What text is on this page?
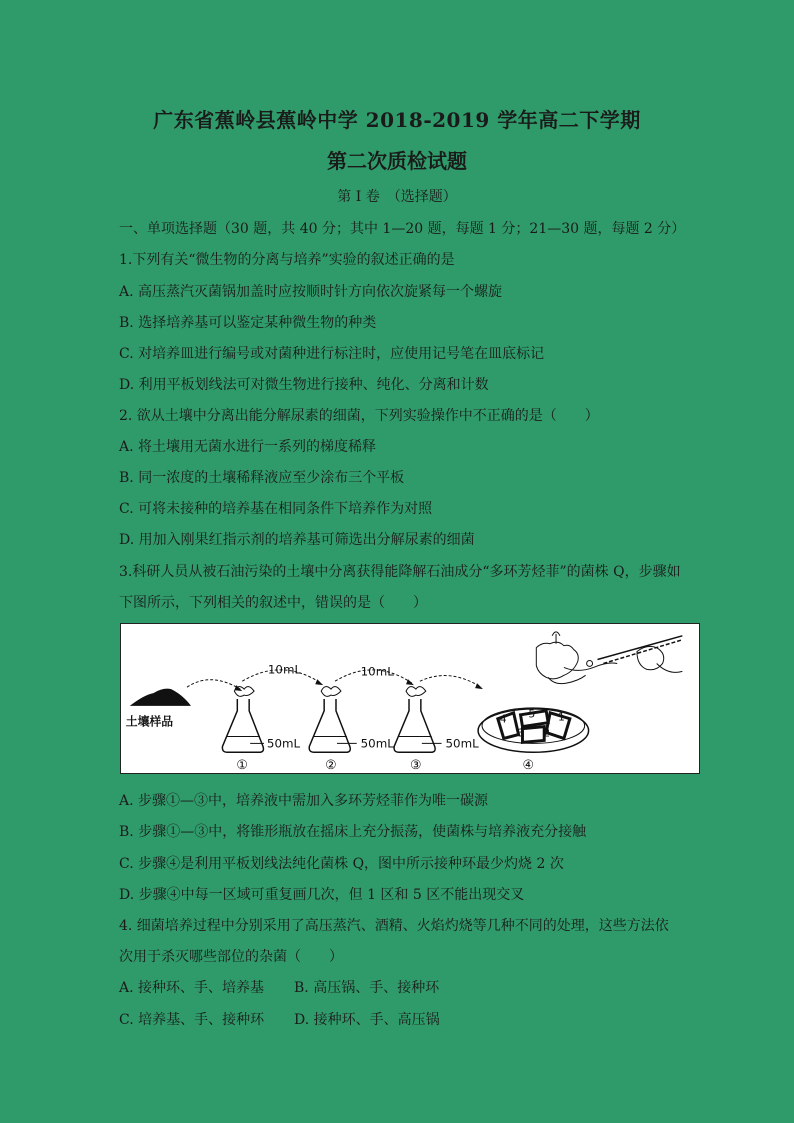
广东省蕉岭县蕉岭中学 2018-2019 学年高二下学期
第二次质检试题
第 I 卷　（选择题）
一、单项选择题（30 题，共 40 分；其中 1—20 题，每题 1 分；21—30 题，每题 2 分）
1.下列有关“微生物的分离与培养”实验的叙述正确的是
A. 高压蒸汽灭菌锅加盖时应按顺时针方向依次旋紧每一个螺旋
B. 选择培养基可以鉴定某种微生物的种类
C. 对培养皿进行编号或对菌种进行标注时，应使用记号笔在皿底标记
D. 利用平板划线法可对微生物进行接种、纯化、分离和计数
2. 欲从土壤中分离出能分解尿素的细菌，下列实验操作中不正确的是（　　）
A. 将土壤用无菌水进行一系列的梯度稀释
B. 同一浓度的土壤稀释液应至少涂布三个平板
C. 可将未接种的培养基在相同条件下培养作为对照
D. 用加入刚果红指示剂的培养基可筛选出分解尿素的细菌
3.科研人员从被石油污染的土壤中分离获得能降解石油成分“多环芳烃菲”的菌株 Q，步骤如
下图所示，下列相关的叙述中，错误的是（　　）
土壤样品
10mL	10mL
50mL
①
50mL
②
50mL
③
1
2
3
4 5
④
A. 步骤①—③中，培养液中需加入多环芳烃菲作为唯一碳源
B. 步骤①—③中，将锥形瓶放在摇床上充分振荡，使菌株与培养液充分接触
C. 步骤④是利用平板划线法纯化菌株 Q，图中所示接种环最少灼烧 2 次
D. 步骤④中每一区域可重复画几次，但 1 区和 5 区不能出现交叉
4. 细菌培养过程中分别采用了高压蒸汽、酒精、火焰灼烧等几种不同的处理，这些方法依
次用于杀灭哪些部位的杂菌（　　）
A. 接种环、手、培养基 B. 高压锅、手、接种环
C. 培养基、手、接种环 D. 接种环、手、高压锅
